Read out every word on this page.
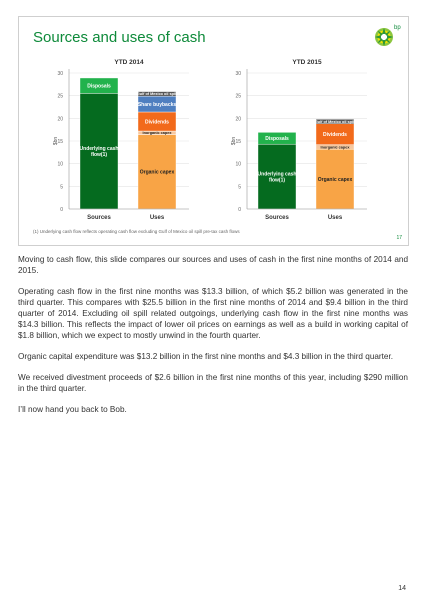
Sources and uses of cash
bp
YTD 2014
0
5
10
15
20
25
30
$bn
Underlying cash
flow(1)
Disposals
Sources
Organic capex
Inorganic capex
Dividends
Share buybacks
Gulf of Mexico oil spill
Uses
YTD 2015
0
5
10
15
20
25
30
$bn
Underlying cash
flow(1)
Disposals
Sources
Organic capex
Inorganic capex
Dividends
Gulf of Mexico oil spill
Uses
(1) Underlying cash flow reflects operating cash flow excluding Gulf of Mexico oil spill pre-tax cash flows
17

Moving to cash flow, this slide compares our sources and uses of cash in the first nine months of 2014 and 2015.

Operating cash flow in the first nine months was $13.3 billion, of which $5.2 billion was generated in the third quarter. This compares with $25.5 billion in the first nine months of 2014 and $9.4 billion in the third quarter of 2014. Excluding oil spill related outgoings, underlying cash flow in the first nine months was $14.3 billion. This reflects the impact of lower oil prices on earnings as well as a build in working capital of $1.8 billion, which we expect to mostly unwind in the fourth quarter.

Organic capital expenditure was $13.2 billion in the first nine months and $4.3 billion in the third quarter.

We received divestment proceeds of $2.6 billion in the first nine months of this year, including $290 million in the third quarter.

I’ll now hand you back to Bob.

14
